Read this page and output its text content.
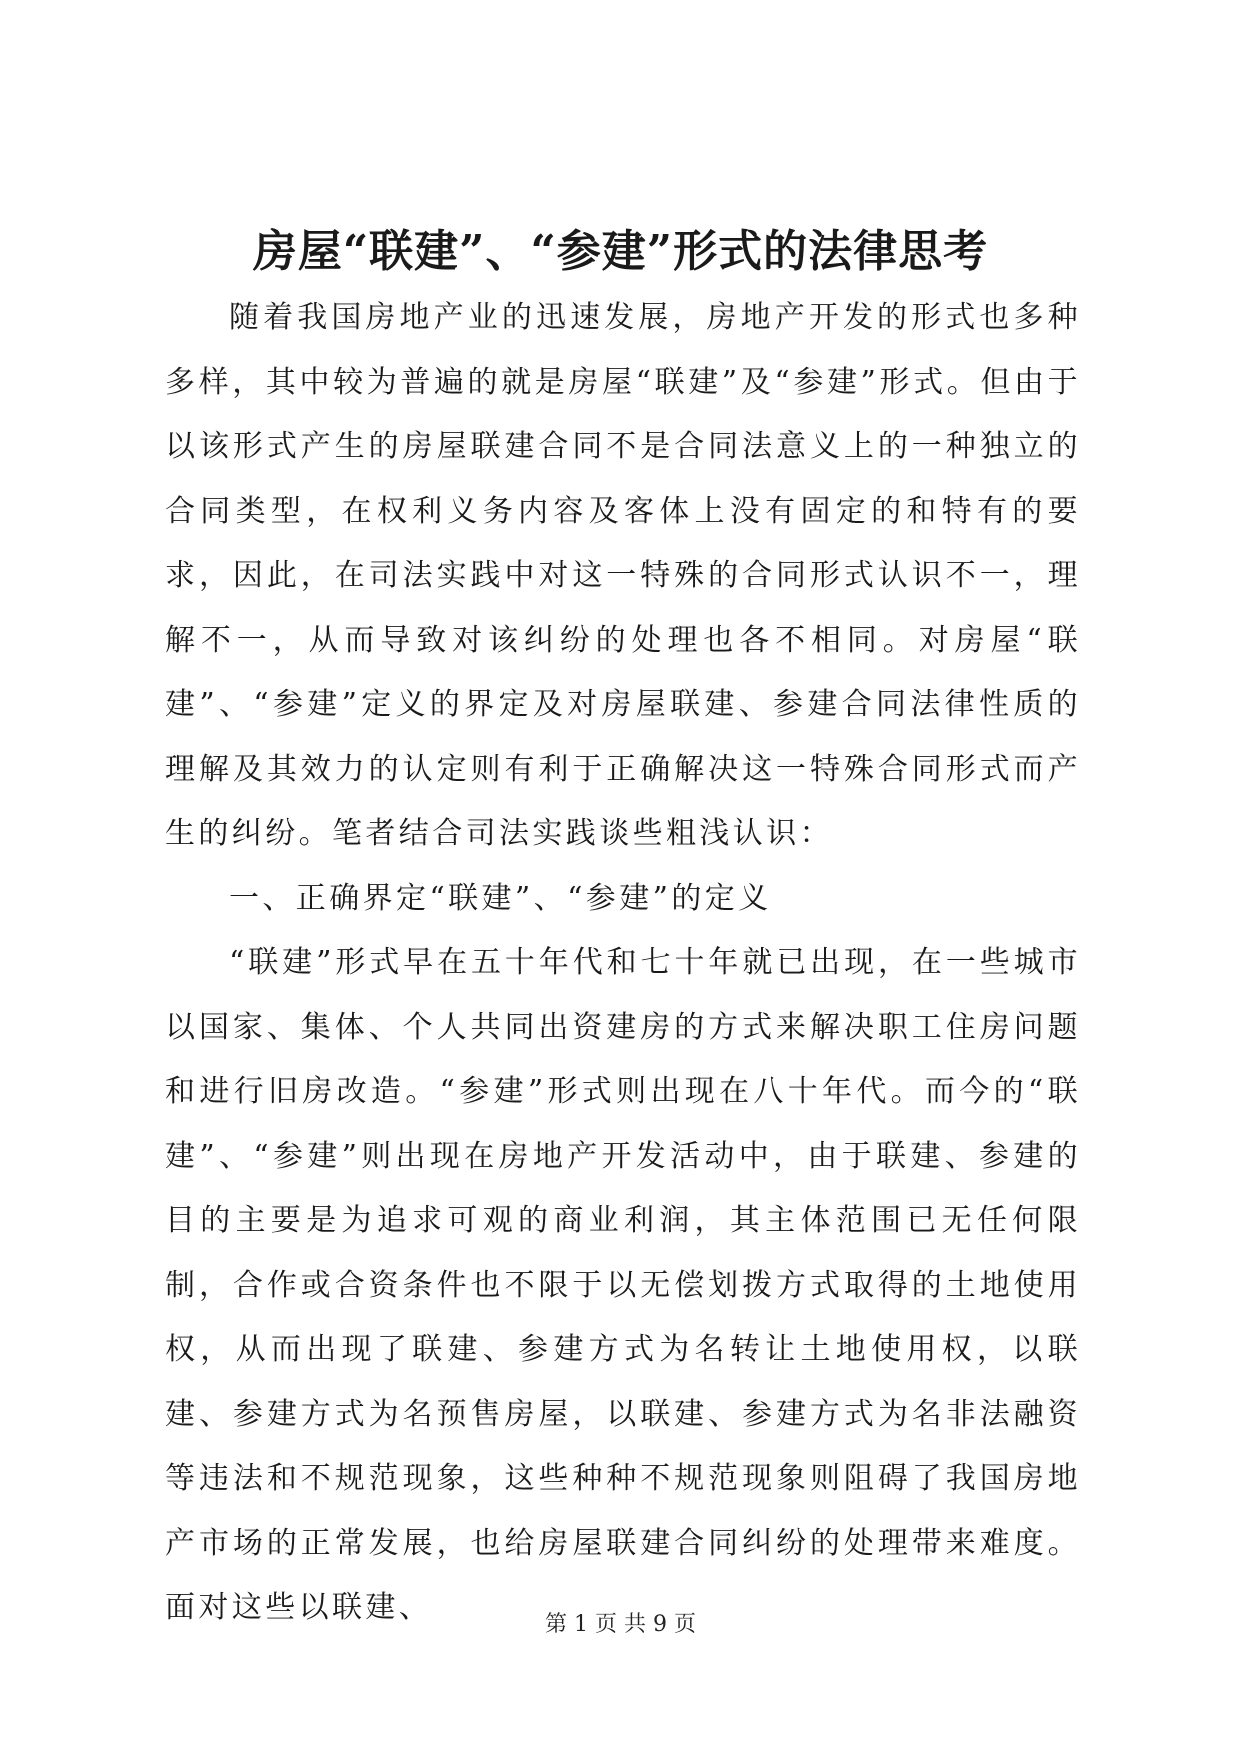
房屋“联建”、“参建”形式的法律思考

随着我国房地产业的迅速发展，房地产开发的形式也多种多样，其中较为普遍的就是房屋“联建”及“参建”形式。但由于以该形式产生的房屋联建合同不是合同法意义上的一种独立的合同类型，在权利义务内容及客体上没有固定的和特有的要求，因此，在司法实践中对这一特殊的合同形式认识不一，理解不一，从而导致对该纠纷的处理也各不相同。对房屋“联建”、“参建”定义的界定及对房屋联建、参建合同法律性质的理解及其效力的认定则有利于正确解决这一特殊合同形式而产生的纠纷。笔者结合司法实践谈些粗浅认识：

一、正确界定“联建”、“参建”的定义

“联建”形式早在五十年代和七十年就已出现，在一些城市以国家、集体、个人共同出资建房的方式来解决职工住房问题和进行旧房改造。“参建”形式则出现在八十年代。而今的“联建”、“参建”则出现在房地产开发活动中，由于联建、参建的目的主要是为追求可观的商业利润，其主体范围已无任何限制，合作或合资条件也不限于以无偿划拨方式取得的土地使用权，从而出现了联建、参建方式为名转让土地使用权，以联建、参建方式为名预售房屋，以联建、参建方式为名非法融资等违法和不规范现象，这些种种不规范现象则阻碍了我国房地产市场的正常发展，也给房屋联建合同纠纷的处理带来难度。面对这些以联建、	第 1 页 共 9 页
